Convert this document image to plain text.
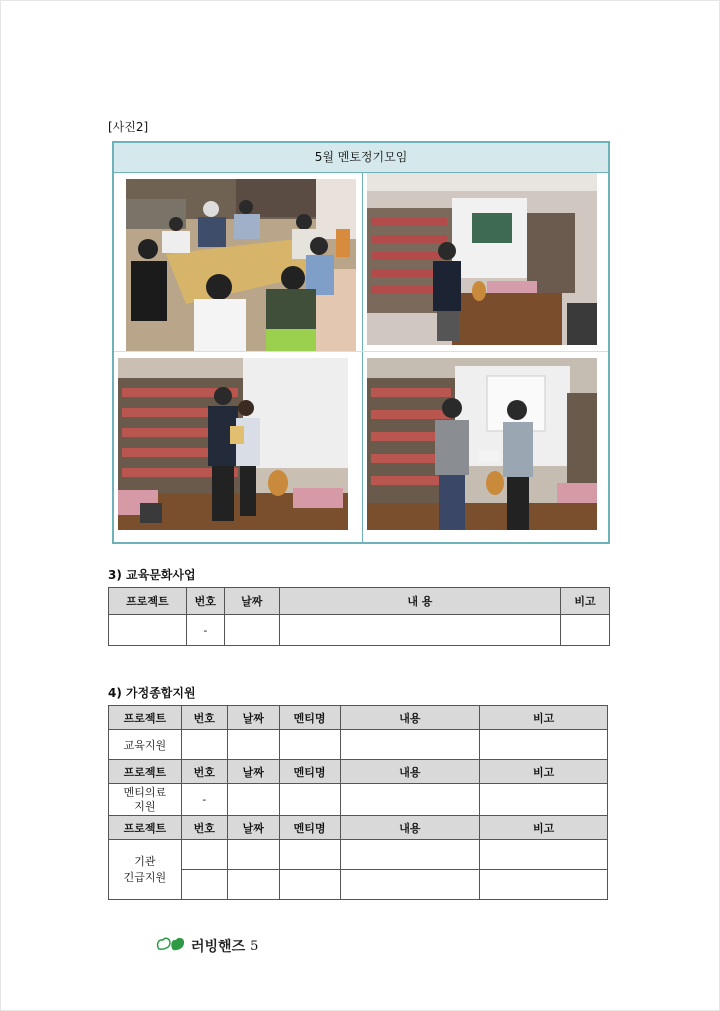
[사진2]
5월 멘토정기모임
3) 교육문화사업
프로젝트	번호	날짜	내 용	비고
	-			
4) 가정종합지원
프로젝트	번호	날짜	멘티명	내용	비고
교육지원					
프로젝트	번호	날짜	멘티명	내용	비고

멘티의료
지원	-				
프로젝트	번호	날짜	멘티명	내용	비고

기관
긴급지원					

러빙핸즈 5
